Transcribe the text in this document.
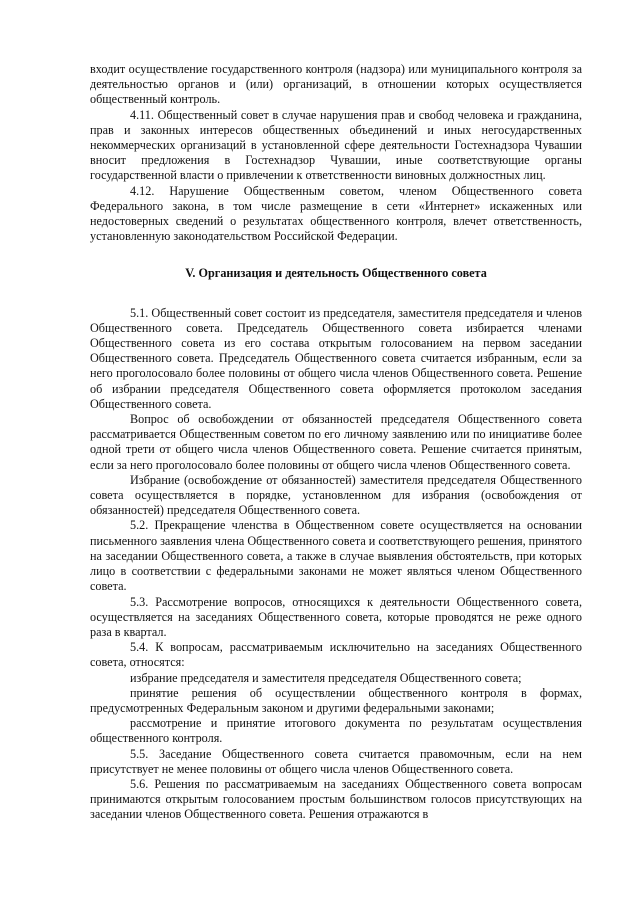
входит осуществление государственного контроля (надзора) или муниципального контроля за деятельностью органов и (или) организаций, в отношении которых осуществляется общественный контроль.

4.11. Общественный совет в случае нарушения прав и свобод человека и гражданина, прав и законных интересов общественных объединений и иных негосударственных некоммерческих организаций в установленной сфере деятельности Гостехнадзора Чувашии вносит предложения в Гостехнадзор Чувашии, иные соответствующие органы государственной власти о привлечении к ответственности виновных должностных лиц.

4.12. Нарушение Общественным советом, членом Общественного совета Федерального закона, в том числе размещение в сети «Интернет» искаженных или недостоверных сведений о результатах общественного контроля, влечет ответственность, установленную законодательством Российской Федерации.

V. Организация и деятельность Общественного совета

5.1. Общественный совет состоит из председателя, заместителя председателя и членов Общественного совета. Председатель Общественного совета избирается членами Общественного совета из его состава открытым голосованием на первом заседании Общественного совета. Председатель Общественного совета считается избранным, если за него проголосовало более половины от общего числа членов Общественного совета. Решение об избрании председателя Общественного совета оформляется протоколом заседания Общественного совета.

Вопрос об освобождении от обязанностей председателя Общественного совета рассматривается Общественным советом по его личному заявлению или по инициативе более одной трети от общего числа членов Общественного совета. Решение считается принятым, если за него проголосовало более половины от общего числа членов Общественного совета.

Избрание (освобождение от обязанностей) заместителя председателя Общественного совета осуществляется в порядке, установленном для избрания (освобождения от обязанностей) председателя Общественного совета.

5.2. Прекращение членства в Общественном совете осуществляется на основании письменного заявления члена Общественного совета и соответствующего решения, принятого на заседании Общественного совета, а также в случае выявления обстоятельств, при которых лицо в соответствии с федеральными законами не может являться членом Общественного совета.

5.3. Рассмотрение вопросов, относящихся к деятельности Общественного совета, осуществляется на заседаниях Общественного совета, которые проводятся не реже одного раза в квартал.

5.4. К вопросам, рассматриваемым исключительно на заседаниях Общественного совета, относятся:

избрание председателя и заместителя председателя Общественного совета;

принятие решения об осуществлении общественного контроля в формах, предусмотренных Федеральным законом и другими федеральными законами;

рассмотрение и принятие итогового документа по результатам осуществления общественного контроля.

5.5. Заседание Общественного совета считается правомочным, если на нем присутствует не менее половины от общего числа членов Общественного совета.

5.6. Решения по рассматриваемым на заседаниях Общественного совета вопросам принимаются открытым голосованием простым большинством голосов присутствующих на заседании членов Общественного совета. Решения отражаются в
